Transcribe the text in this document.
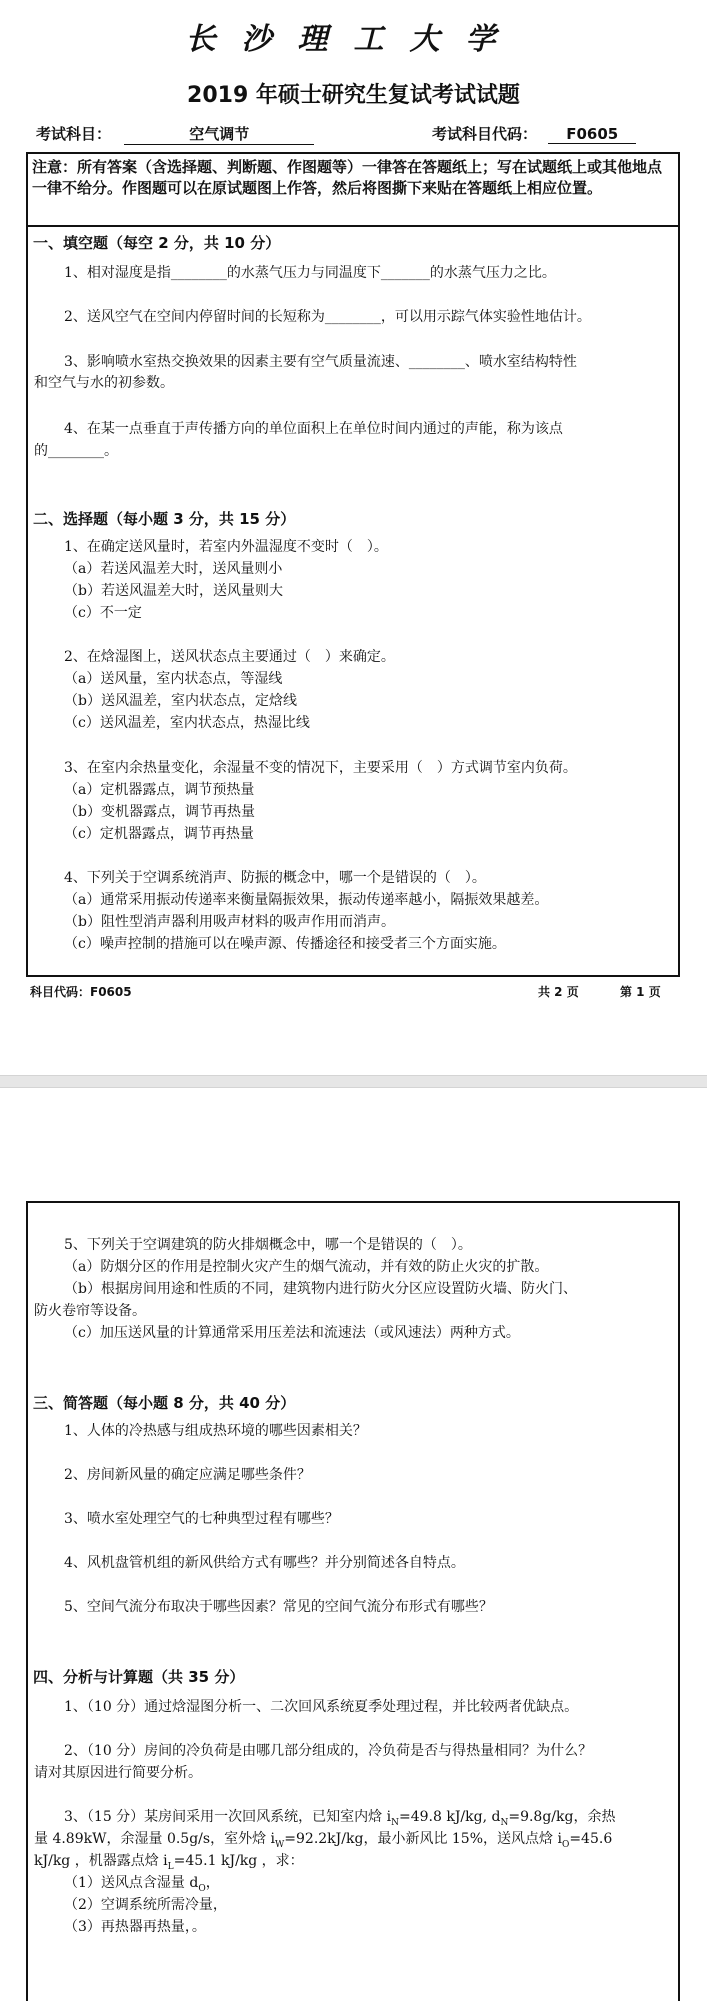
长沙理工大学
2019 年硕士研究生复试考试试题
考试科目：	空气调节	考试科目代码： F0605
注意：所有答案（含选择题、判断题、作图题等）一律答在答题纸上；写在试题纸上或其他地点一律不给分。作图题可以在原试题图上作答，然后将图撕下来贴在答题纸上相应位置。
一、填空题（每空 2 分，共 10 分）
1、相对湿度是指________的水蒸气压力与同温度下_______的水蒸气压力之比。
2、送风空气在空间内停留时间的长短称为________，可以用示踪气体实验性地估计。
3、影响喷水室热交换效果的因素主要有空气质量流速、________、喷水室结构特性
和空气与水的初参数。
4、在某一点垂直于声传播方向的单位面积上在单位时间内通过的声能，称为该点
的________。
二、选择题（每小题 3 分，共 15 分）
1、在确定送风量时，若室内外温湿度不变时（　）。
（a）若送风温差大时，送风量则小
（b）若送风温差大时，送风量则大
（c）不一定
2、在焓湿图上，送风状态点主要通过（　）来确定。
（a）送风量，室内状态点，等湿线
（b）送风温差，室内状态点，定焓线
（c）送风温差，室内状态点，热湿比线
3、在室内余热量变化，余湿量不变的情况下，主要采用（　）方式调节室内负荷。
（a）定机器露点，调节预热量
（b）变机器露点，调节再热量
（c）定机器露点，调节再热量
4、下列关于空调系统消声、防振的概念中，哪一个是错误的（　）。
（a）通常采用振动传递率来衡量隔振效果，振动传递率越小，隔振效果越差。
（b）阻性型消声器利用吸声材料的吸声作用而消声。
（c）噪声控制的措施可以在噪声源、传播途径和接受者三个方面实施。
科目代码：F0605	共 2 页	第 1 页
5、下列关于空调建筑的防火排烟概念中，哪一个是错误的（　）。
（a）防烟分区的作用是控制火灾产生的烟气流动，并有效的防止火灾的扩散。
（b）根据房间用途和性质的不同，建筑物内进行防火分区应设置防火墙、防火门、
防火卷帘等设备。
（c）加压送风量的计算通常采用压差法和流速法（或风速法）两种方式。
三、简答题（每小题 8 分，共 40 分）
1、人体的冷热感与组成热环境的哪些因素相关？
2、房间新风量的确定应满足哪些条件？
3、喷水室处理空气的七种典型过程有哪些？
4、风机盘管机组的新风供给方式有哪些？并分别简述各自特点。
5、空间气流分布取决于哪些因素？常见的空间气流分布形式有哪些？
四、分析与计算题（共 35 分）
1、（10 分）通过焓湿图分析一、二次回风系统夏季处理过程，并比较两者优缺点。
2、（10 分）房间的冷负荷是由哪几部分组成的，冷负荷是否与得热量相同？为什么？
请对其原因进行简要分析。
3、（15 分）某房间采用一次回风系统，已知室内焓 $i_N=49.8$ kJ/kg, $d_N=9.8g/kg$，余热
量 4.89kW，余湿量 0.5g/s，室外焓 $i_W=92.2kJ/kg$，最小新风比 15%，送风点焓 $i_O=45.6$
kJ/kg ，机器露点焓 $i_L=45.1$ kJ/kg ，求：
（1）送风点含湿量 $d_O$，
（2）空调系统所需冷量，
（3）再热器再热量，。
